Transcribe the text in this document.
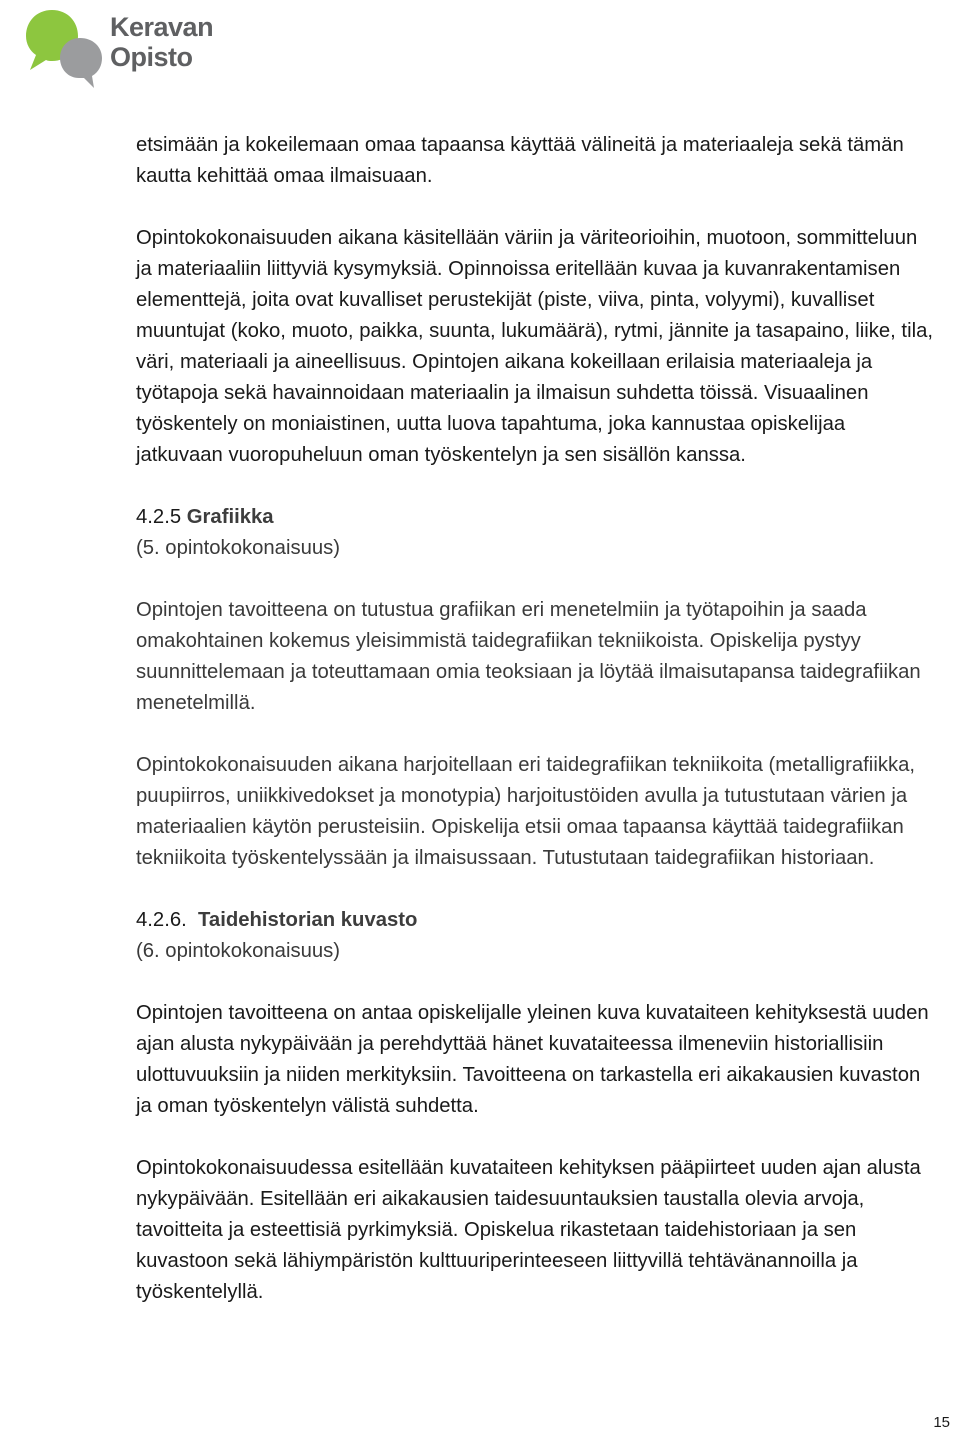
Keravan
Opisto

etsimään ja kokeilemaan omaa tapaansa käyttää välineitä ja materiaaleja sekä tämän kautta kehittää omaa ilmaisuaan.

Opintokokonaisuuden aikana käsitellään väriin ja väriteorioihin, muotoon, sommitteluun ja materiaaliin liittyviä kysymyksiä. Opinnoissa eritellään kuvaa ja kuvanrakentamisen elementtejä, joita ovat kuvalliset perustekijät (piste, viiva, pinta, volyymi), kuvalliset muuntujat (koko, muoto, paikka, suunta, lukumäärä), rytmi, jännite ja tasapaino, liike, tila, väri, materiaali ja aineellisuus. Opintojen aikana kokeillaan erilaisia materiaaleja ja työtapoja sekä havainnoidaan materiaalin ja ilmaisun suhdetta töissä. Visuaalinen työskentely on moniaistinen, uutta luova tapahtuma, joka kannustaa opiskelijaa jatkuvaan vuoropuheluun oman työskentelyn ja sen sisällön kanssa.

4.2.5 Grafiikka

(5. opintokokonaisuus)

Opintojen tavoitteena on tutustua grafiikan eri menetelmiin ja työtapoihin ja saada omakohtainen kokemus yleisimmistä taidegrafiikan tekniikoista. Opiskelija pystyy suunnittelemaan ja toteuttamaan omia teoksiaan ja löytää ilmaisutapansa taidegrafiikan menetelmillä.

Opintokokonaisuuden aikana harjoitellaan eri taidegrafiikan tekniikoita (metalligrafiikka, puupiirros, uniikkivedokset ja monotypia) harjoitustöiden avulla ja tutustutaan värien ja materiaalien käytön perusteisiin. Opiskelija etsii omaa tapaansa käyttää taidegrafiikan tekniikoita työskentelyssään ja ilmaisussaan. Tutustutaan taidegrafiikan historiaan.

4.2.6. Taidehistorian kuvasto

(6. opintokokonaisuus)

Opintojen tavoitteena on antaa opiskelijalle yleinen kuva kuvataiteen kehityksestä uuden ajan alusta nykypäivään ja perehdyttää hänet kuvataiteessa ilmeneviin historiallisiin ulottuvuuksiin ja niiden merkityksiin. Tavoitteena on tarkastella eri aikakausien kuvaston ja oman työskentelyn välistä suhdetta.

Opintokokonaisuudessa esitellään kuvataiteen kehityksen pääpiirteet uuden ajan alusta nykypäivään. Esitellään eri aikakausien taidesuuntauksien taustalla olevia arvoja, tavoitteita ja esteettisiä pyrkimyksiä. Opiskelua rikastetaan taidehistoriaan ja sen kuvastoon sekä lähiympäristön kulttuuriperinteeseen liittyvillä tehtävänannoilla ja työskentelyllä.

15
